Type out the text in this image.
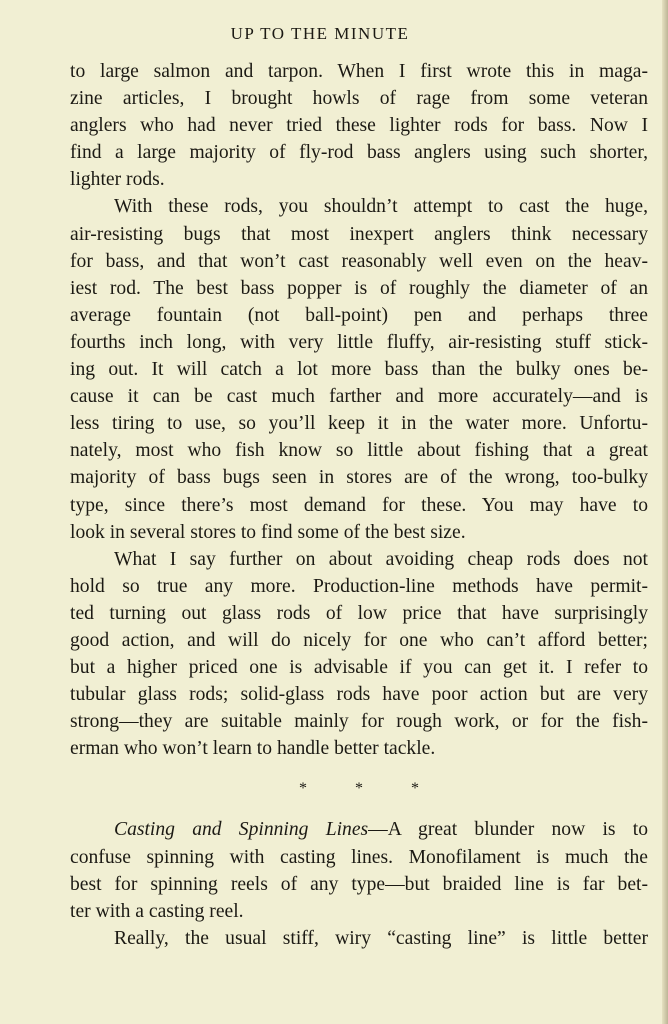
UP TO THE MINUTE
to large salmon and tarpon. When I first wrote this in maga-
zine articles, I brought howls of rage from some veteran
anglers who had never tried these lighter rods for bass. Now I
find a large majority of fly-rod bass anglers using such shorter,
lighter rods.
With these rods, you shouldn’t attempt to cast the huge,
air-resisting bugs that most inexpert anglers think necessary
for bass, and that won’t cast reasonably well even on the heav-
iest rod. The best bass popper is of roughly the diameter of an
average fountain (not ball-point) pen and perhaps three
fourths inch long, with very little fluffy, air-resisting stuff stick-
ing out. It will catch a lot more bass than the bulky ones be-
cause it can be cast much farther and more accurately—and is
less tiring to use, so you’ll keep it in the water more. Unfortu-
nately, most who fish know so little about fishing that a great
majority of bass bugs seen in stores are of the wrong, too-bulky
type, since there’s most demand for these. You may have to
look in several stores to find some of the best size.
What I say further on about avoiding cheap rods does not
hold so true any more. Production-line methods have permit-
ted turning out glass rods of low price that have surprisingly
good action, and will do nicely for one who can’t afford better;
but a higher priced one is advisable if you can get it. I refer to
tubular glass rods; solid-glass rods have poor action but are very
strong—they are suitable mainly for rough work, or for the fish-
erman who won’t learn to handle better tackle.
*	*	*
Casting and Spinning Lines—A great blunder now is to
confuse spinning with casting lines. Monofilament is much the
best for spinning reels of any type—but braided line is far bet-
ter with a casting reel.
Really, the usual stiff, wiry “casting line” is little better
